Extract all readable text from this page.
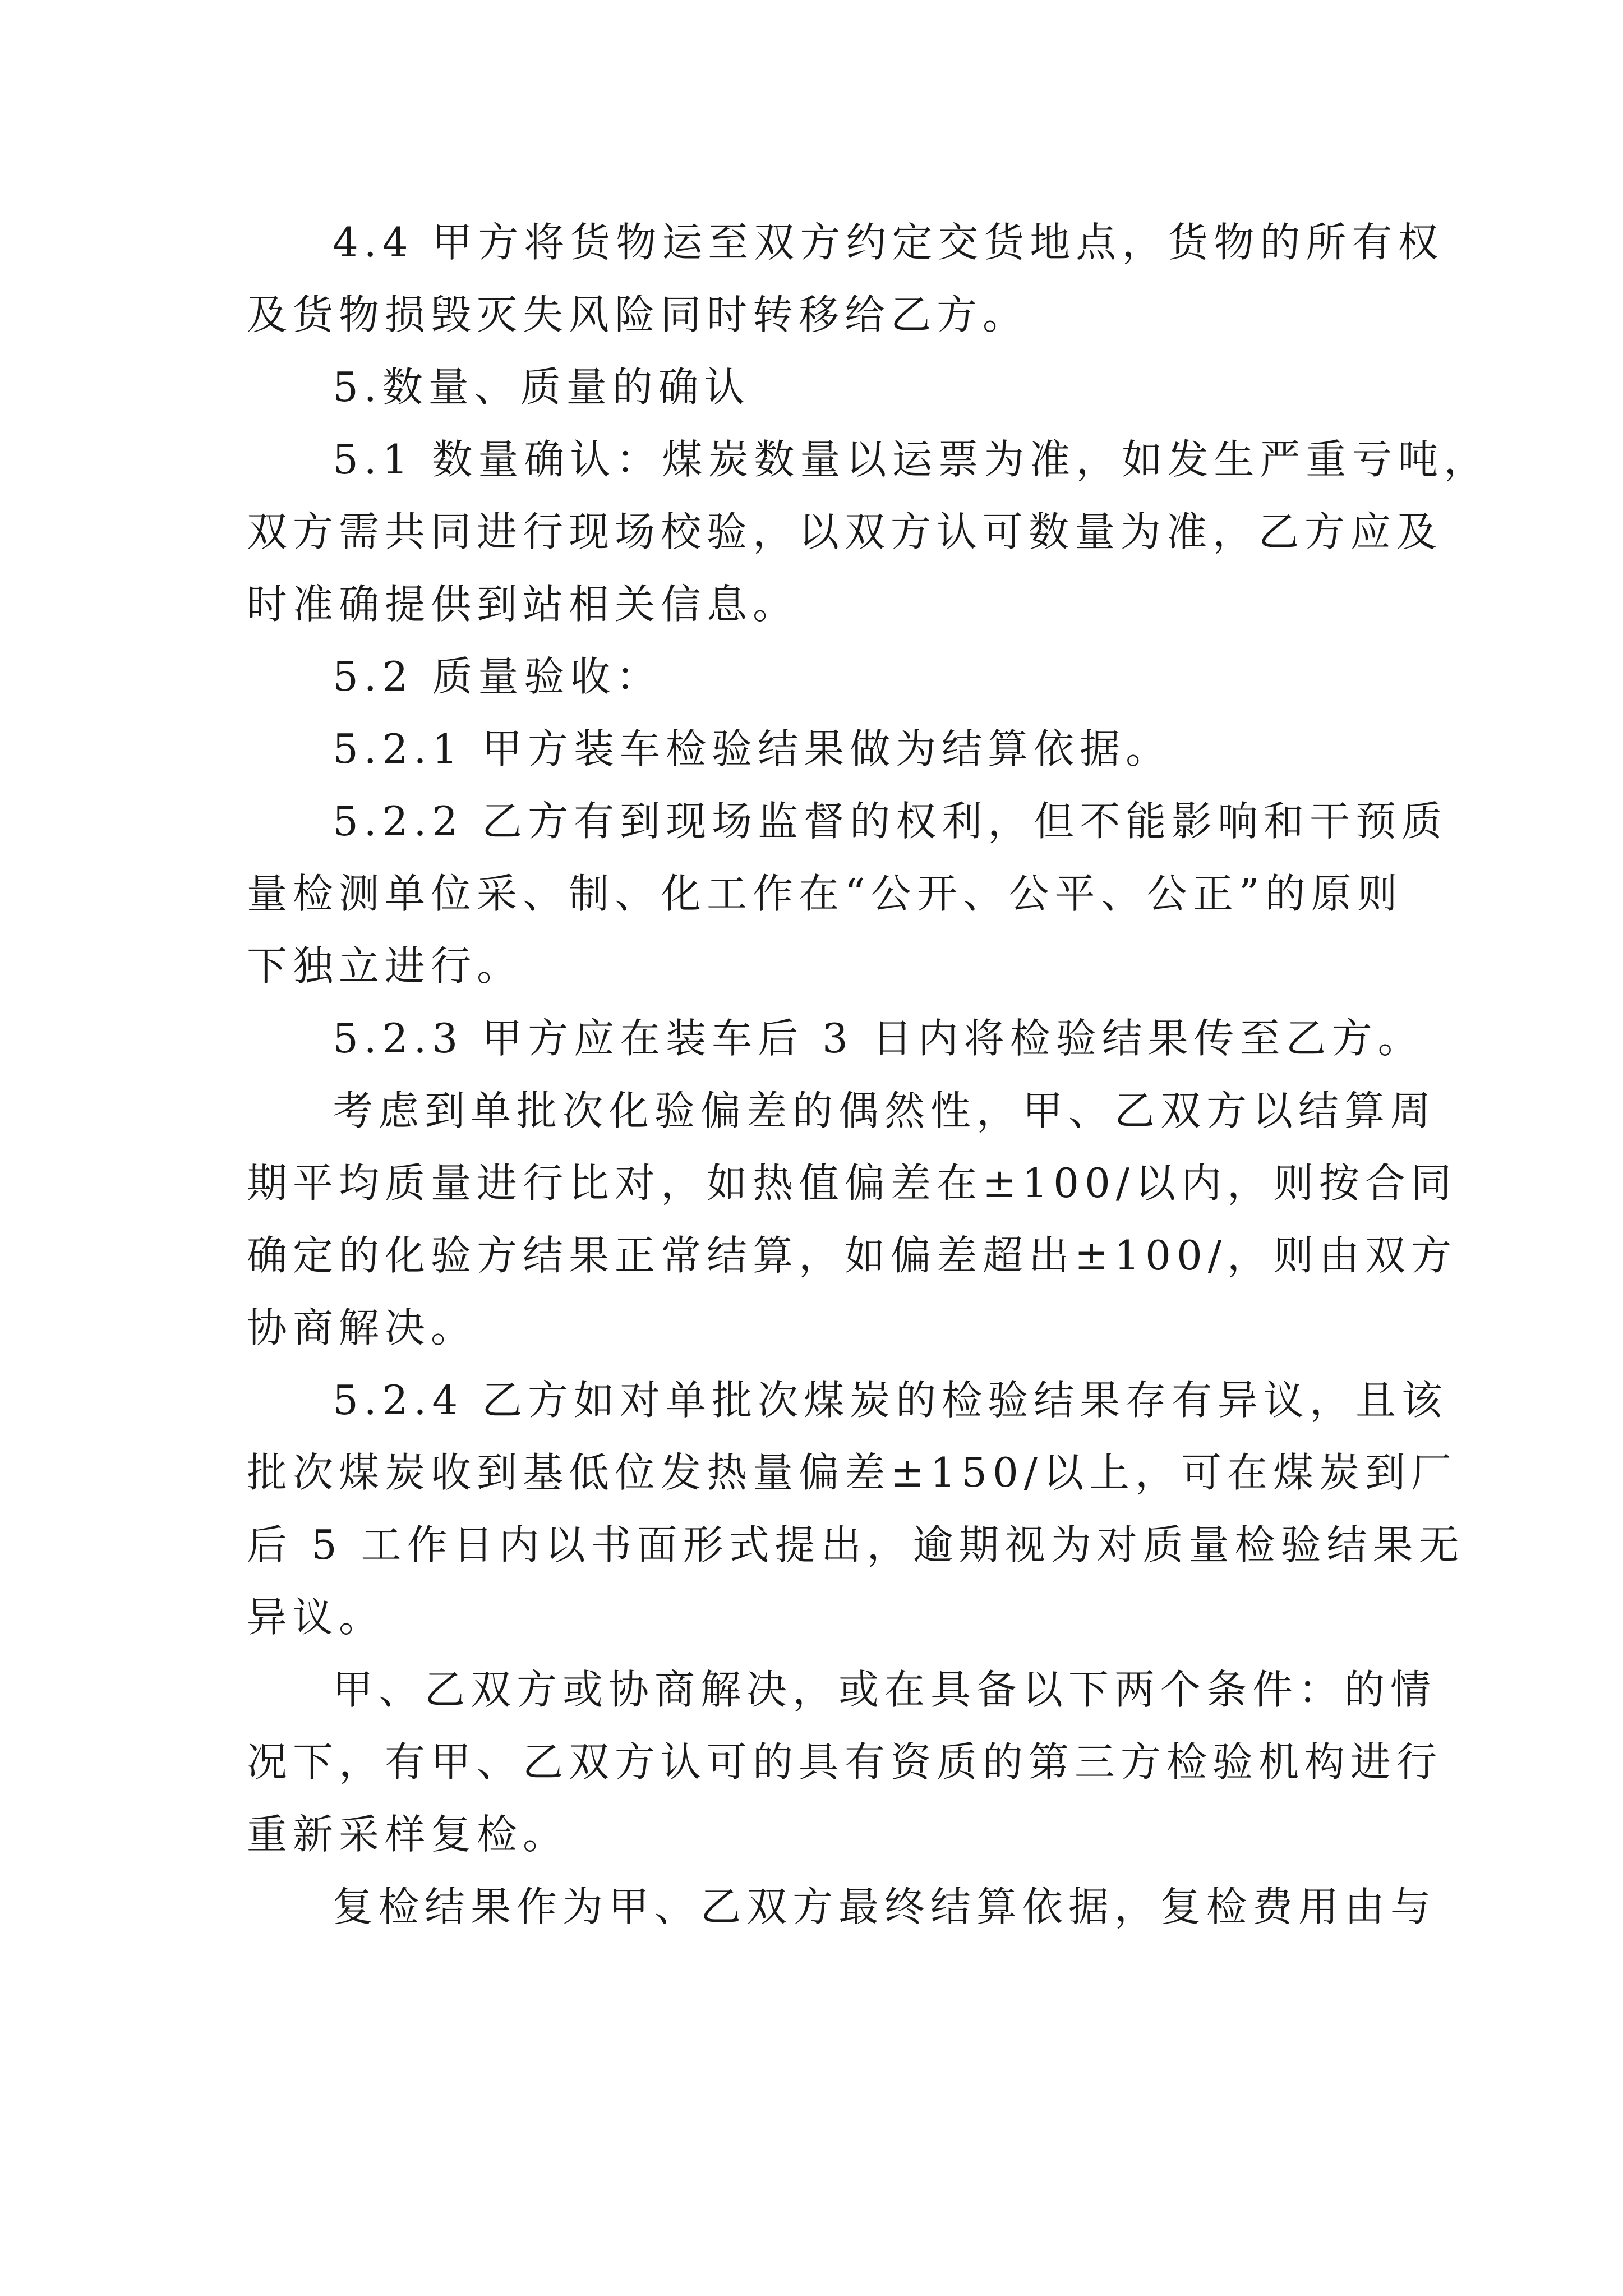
4.4 甲方将货物运至双方约定交货地点，货物的所有权
及货物损毁灭失风险同时转移给乙方。

5.数量、质量的确认

5.1 数量确认：煤炭数量以运票为准，如发生严重亏吨，
双方需共同进行现场校验，以双方认可数量为准，乙方应及
时准确提供到站相关信息。

5.2 质量验收：

5.2.1 甲方装车检验结果做为结算依据。

5.2.2 乙方有到现场监督的权利，但不能影响和干预质
量检测单位采、制、化工作在“公开、公平、公正”的原则
下独立进行。

5.2.3 甲方应在装车后 3 日内将检验结果传至乙方。

考虑到单批次化验偏差的偶然性，甲、乙双方以结算周
期平均质量进行比对，如热值偏差在±100/以内，则按合同
确定的化验方结果正常结算，如偏差超出±100/，则由双方
协商解决。

5.2.4 乙方如对单批次煤炭的检验结果存有异议，且该
批次煤炭收到基低位发热量偏差±150/以上，可在煤炭到厂
后 5 工作日内以书面形式提出，逾期视为对质量检验结果无
异议。

甲、乙双方或协商解决，或在具备以下两个条件：的情
况下，有甲、乙双方认可的具有资质的第三方检验机构进行
重新采样复检。

复检结果作为甲、乙双方最终结算依据，复检费用由与
